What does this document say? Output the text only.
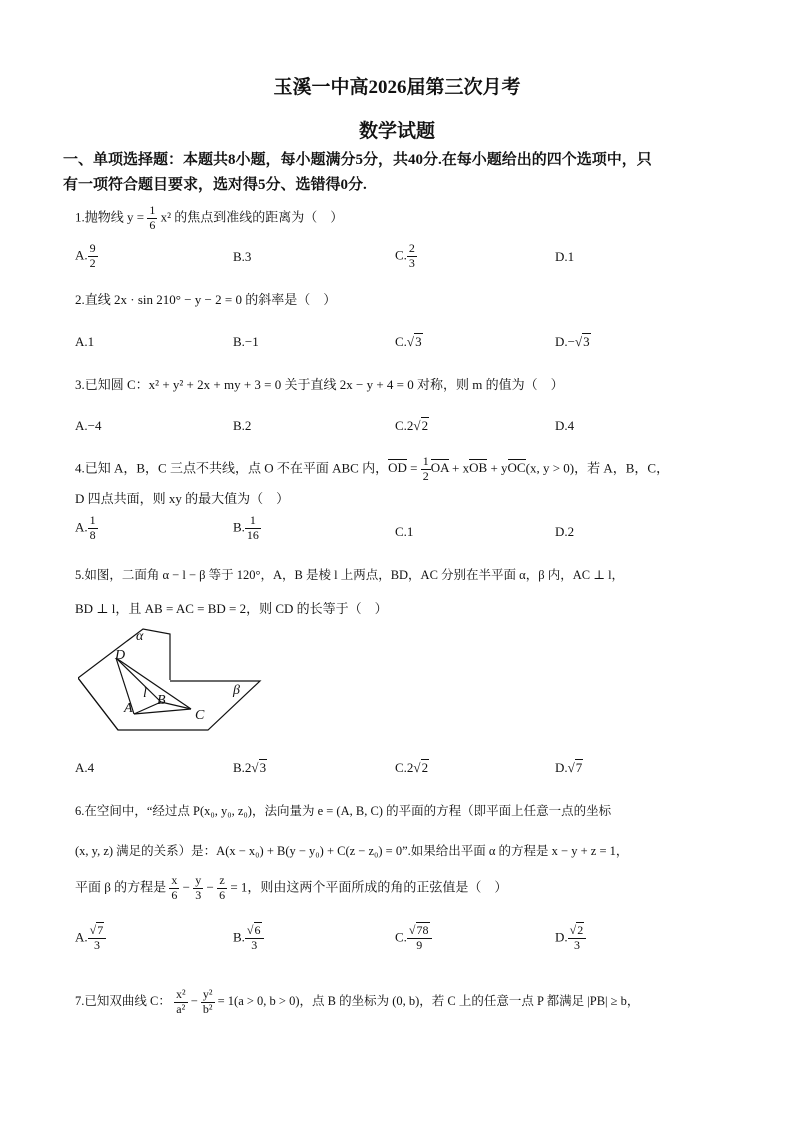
玉溪一中高2026届第三次月考
数学试题
一、单项选择题：本题共8小题，每小题满分5分，共40分.在每小题给出的四个选项中，只
有一项符合题目要求，选对得5分、选错得0分.
1.抛物线 $y = \frac{1}{6} x^2$ 的焦点到准线的距离为（　）
A. $\frac{9}{2}$	B.3	C. $\frac{2}{3}$	D.1
2.直线 2x · sin 210° − y − 2 = 0 的斜率是（　）
A.1	B.−1	C.√3	D.−√3
3.已知圆 C：x² + y² + 2x + my + 3 = 0 关于直线 2x − y + 4 = 0 对称，则 m 的值为（　）
A.−4	B.2	C.2√2	D.4
4.已知 A，B，C 三点不共线，点 O 不在平面 ABC 内，OD = $\frac{1}{2}$ OA + xOB + yOC(x, y > 0)，若 A，B，C，
D 四点共面，则 xy 的最大值为（　）
A. $\frac{1}{8}$	B. $\frac{1}{16}$	C.1	D.2
5.如图，二面角 α − l − β 等于 120°，A，B 是棱 l 上两点，BD，AC 分别在半平面 α，β 内，AC ⊥ l，
BD ⊥ l，且 AB = AC = BD = 2，则 CD 的长等于（　）
α
D
l B
β
A	C
A.4	B.2√3	C.2√2	D.√7
6.在空间中，“经过点 P(x₀, y₀, z₀)，法向量为 e = (A, B, C) 的平面的方程（即平面上任意一点的坐标
(x, y, z) 满足的关系）是：A(x − x₀) + B(y − y₀) + C(z − z₀) = 0”.如果给出平面 α 的方程是 x − y + z = 1，
平面 β 的方程是 $\frac{x}{6} - \frac{y}{3} - \frac{z}{6} = 1$，则由这两个平面所成的角的正弦值是（　）
A. $\frac{√7}{3}$	B. $\frac{√6}{3}$	C. $\frac{√78}{9}$	D. $\frac{√2}{3}$
7.已知双曲线 C： $\frac{\text{x²}}{\text{a²}} - \frac{\text{y²}}{\text{b²}} = 1(a > 0$, b > 0)，点 B 的坐标为 (0, b)，若 C 上的任意一点 P 都满足 |PB| ≥ b，
